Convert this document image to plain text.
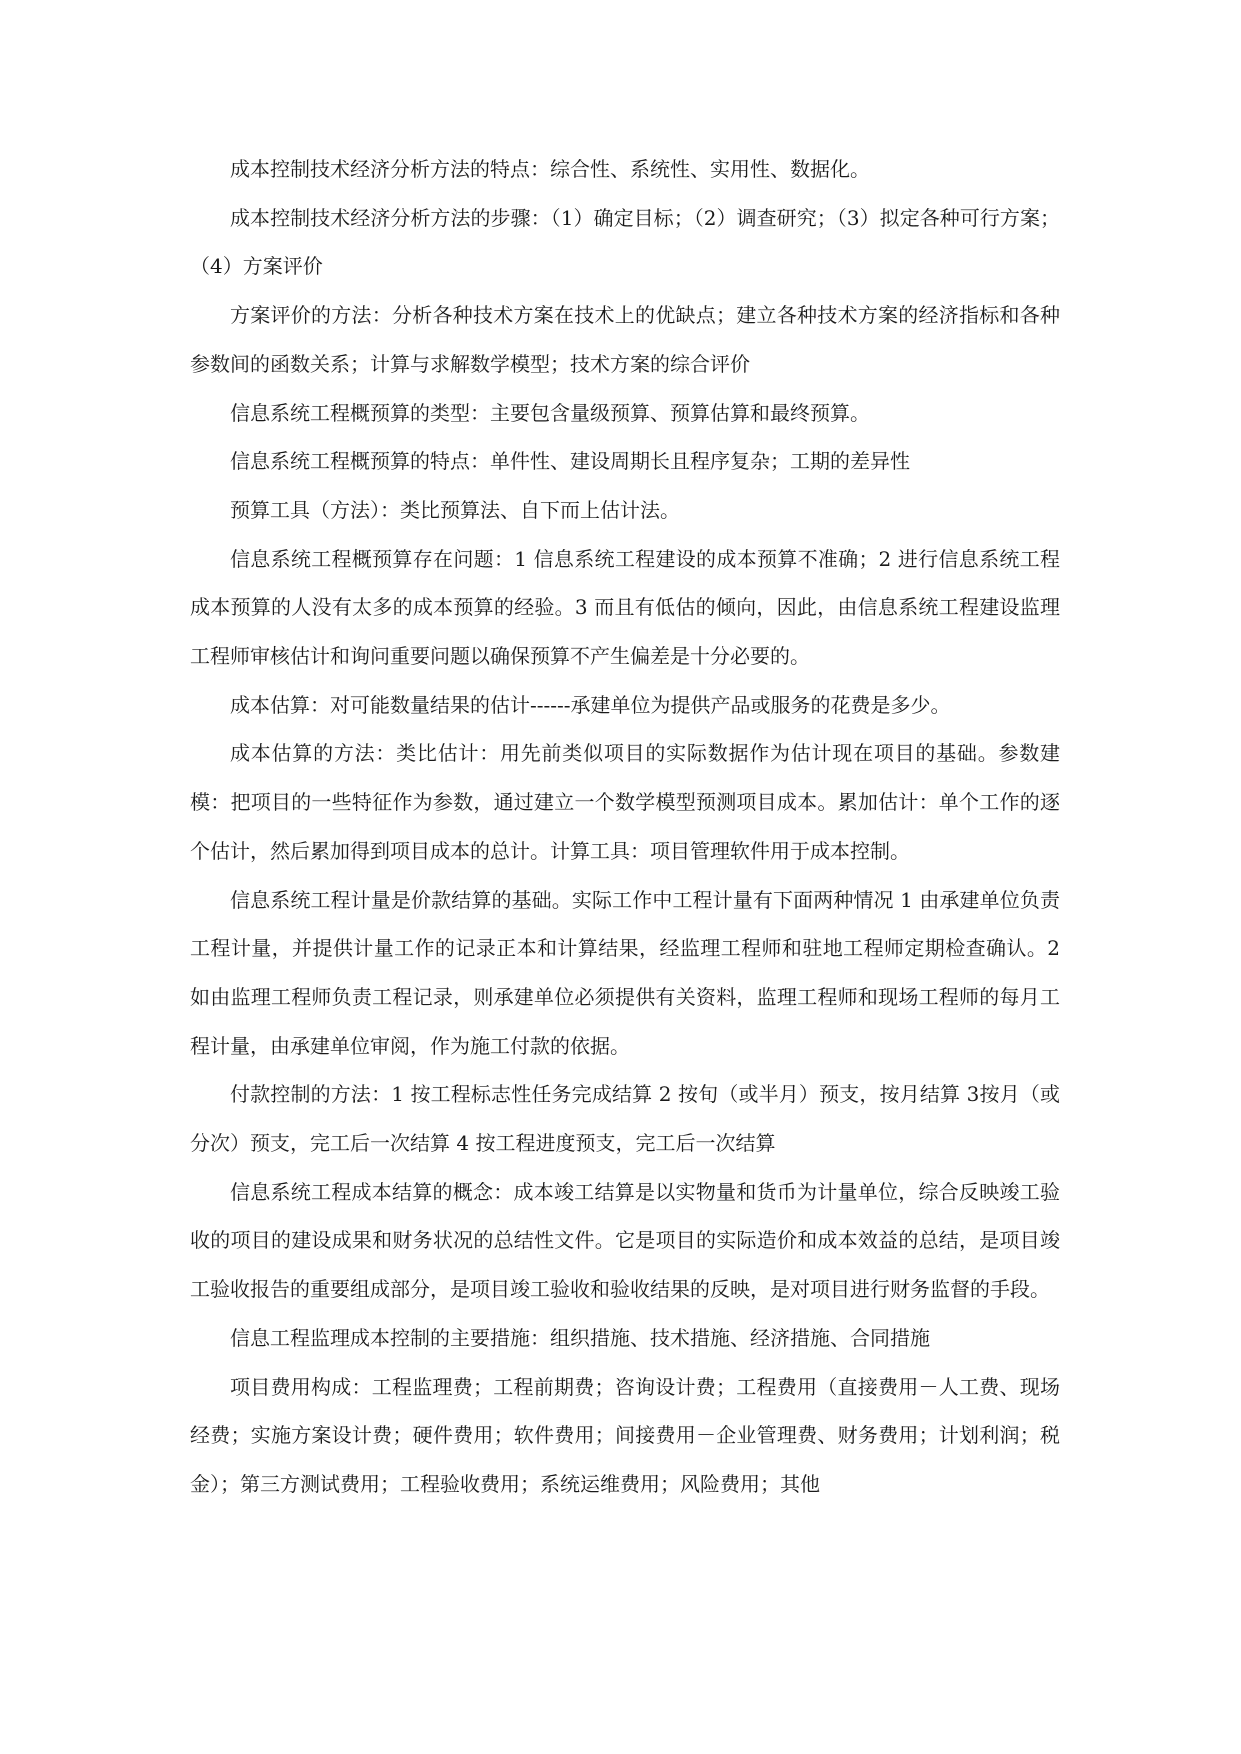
成本控制技术经济分析方法的特点：综合性、系统性、实用性、数据化。

成本控制技术经济分析方法的步骤：（1）确定目标；（2）调查研究；（3）拟定各种可行方案；（4）方案评价

方案评价的方法：分析各种技术方案在技术上的优缺点；建立各种技术方案的经济指标和各种参数间的函数关系；计算与求解数学模型；技术方案的综合评价

信息系统工程概预算的类型：主要包含量级预算、预算估算和最终预算。

信息系统工程概预算的特点：单件性、建设周期长且程序复杂；工期的差异性

预算工具（方法）：类比预算法、自下而上估计法。

信息系统工程概预算存在问题：1 信息系统工程建设的成本预算不准确；2 进行信息系统工程成本预算的人没有太多的成本预算的经验。3 而且有低估的倾向，因此，由信息系统工程建设监理工程师审核估计和询问重要问题以确保预算不产生偏差是十分必要的。

成本估算：对可能数量结果的估计------承建单位为提供产品或服务的花费是多少。

成本估算的方法：类比估计：用先前类似项目的实际数据作为估计现在项目的基础。参数建模：把项目的一些特征作为参数，通过建立一个数学模型预测项目成本。累加估计：单个工作的逐个估计，然后累加得到项目成本的总计。计算工具：项目管理软件用于成本控制。

信息系统工程计量是价款结算的基础。实际工作中工程计量有下面两种情况 1 由承建单位负责工程计量，并提供计量工作的记录正本和计算结果，经监理工程师和驻地工程师定期检查确认。2 如由监理工程师负责工程记录，则承建单位必须提供有关资料，监理工程师和现场工程师的每月工程计量，由承建单位审阅，作为施工付款的依据。

付款控制的方法：1 按工程标志性任务完成结算 2 按旬（或半月）预支，按月结算 3按月（或分次）预支，完工后一次结算 4 按工程进度预支，完工后一次结算

信息系统工程成本结算的概念：成本竣工结算是以实物量和货币为计量单位，综合反映竣工验收的项目的建设成果和财务状况的总结性文件。它是项目的实际造价和成本效益的总结，是项目竣工验收报告的重要组成部分，是项目竣工验收和验收结果的反映，是对项目进行财务监督的手段。

信息工程监理成本控制的主要措施：组织措施、技术措施、经济措施、合同措施

项目费用构成：工程监理费；工程前期费；咨询设计费；工程费用（直接费用－人工费、现场经费；实施方案设计费；硬件费用；软件费用；间接费用－企业管理费、财务费用；计划利润；税金）；第三方测试费用；工程验收费用；系统运维费用；风险费用；其他
